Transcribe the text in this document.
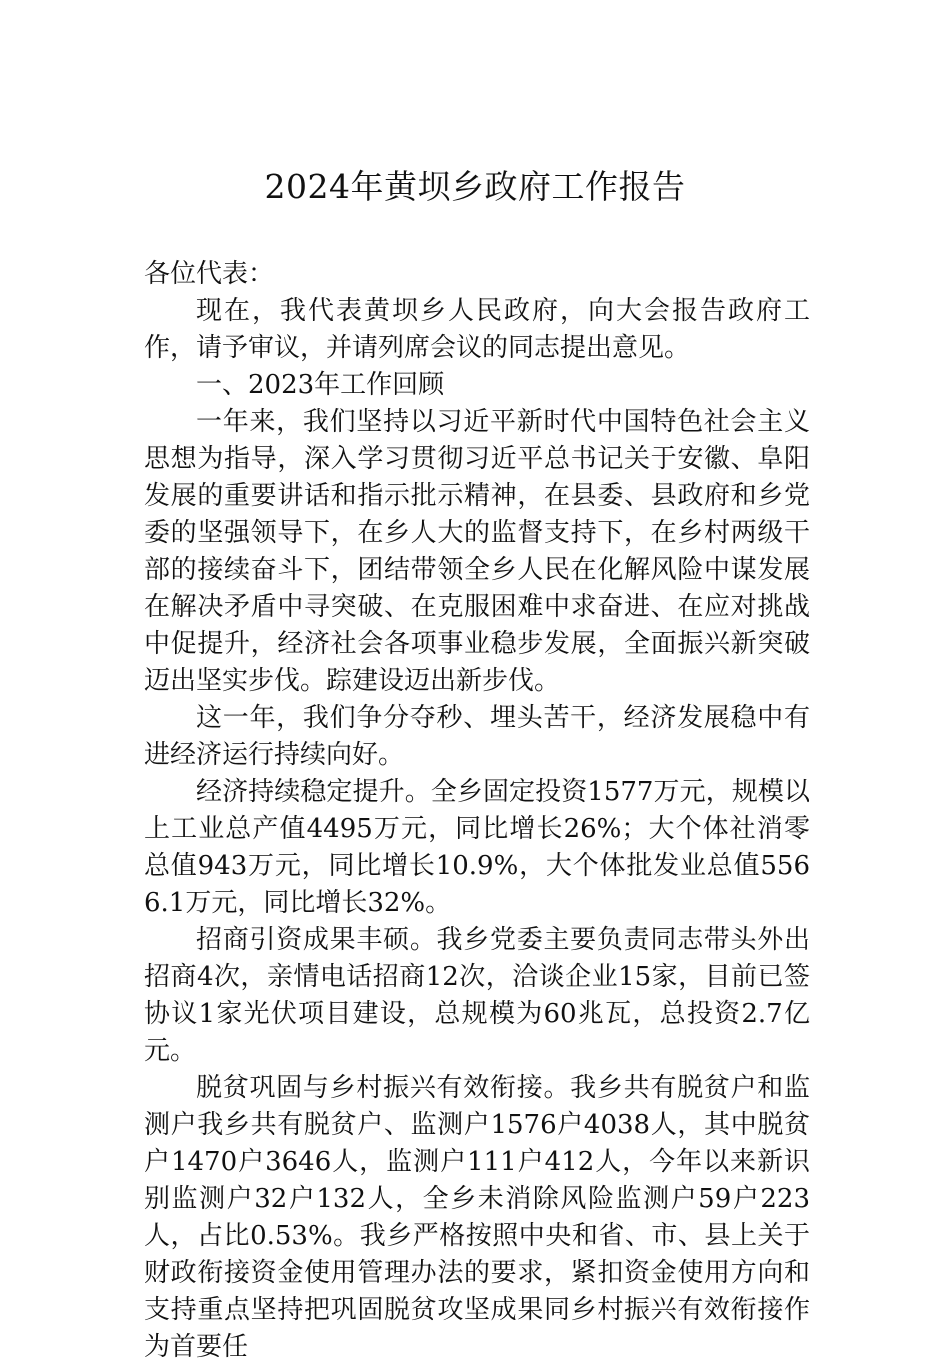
2024年黄坝乡政府工作报告

各位代表：

现在，我代表黄坝乡人民政府，向大会报告政府工作，请予审议，并请列席会议的同志提出意见。

一、2023年工作回顾

一年来，我们坚持以习近平新时代中国特色社会主义思想为指导，深入学习贯彻习近平总书记关于安徽、阜阳发展的重要讲话和指示批示精神，在县委、县政府和乡党委的坚强领导下，在乡人大的监督支持下，在乡村两级干部的接续奋斗下，团结带领全乡人民在化解风险中谋发展在解决矛盾中寻突破、在克服困难中求奋进、在应对挑战中促提升，经济社会各项事业稳步发展，全面振兴新突破迈出坚实步伐。踪建设迈出新步伐。

这一年，我们争分夺秒、埋头苦干，经济发展稳中有进经济运行持续向好。

经济持续稳定提升。全乡固定投资1577万元，规模以上工业总产值4495万元，同比增长26%；大个体社消零总值943万元，同比增长10.9%，大个体批发业总值5566.1万元，同比增长32%。

招商引资成果丰硕。我乡党委主要负责同志带头外出招商4次，亲情电话招商12次，洽谈企业15家，目前已签协议1家光伏项目建设，总规模为60兆瓦，总投资2.7亿元。

脱贫巩固与乡村振兴有效衔接。我乡共有脱贫户和监测户我乡共有脱贫户、监测户1576户4038人，其中脱贫户1470户3646人，监测户111户412人，今年以来新识别监测户32户132人，全乡未消除风险监测户59户223人，占比0.53%。我乡严格按照中央和省、市、县上关于财政衔接资金使用管理办法的要求，紧扣资金使用方向和支持重点坚持把巩固脱贫攻坚成果同乡村振兴有效衔接作为首要任
